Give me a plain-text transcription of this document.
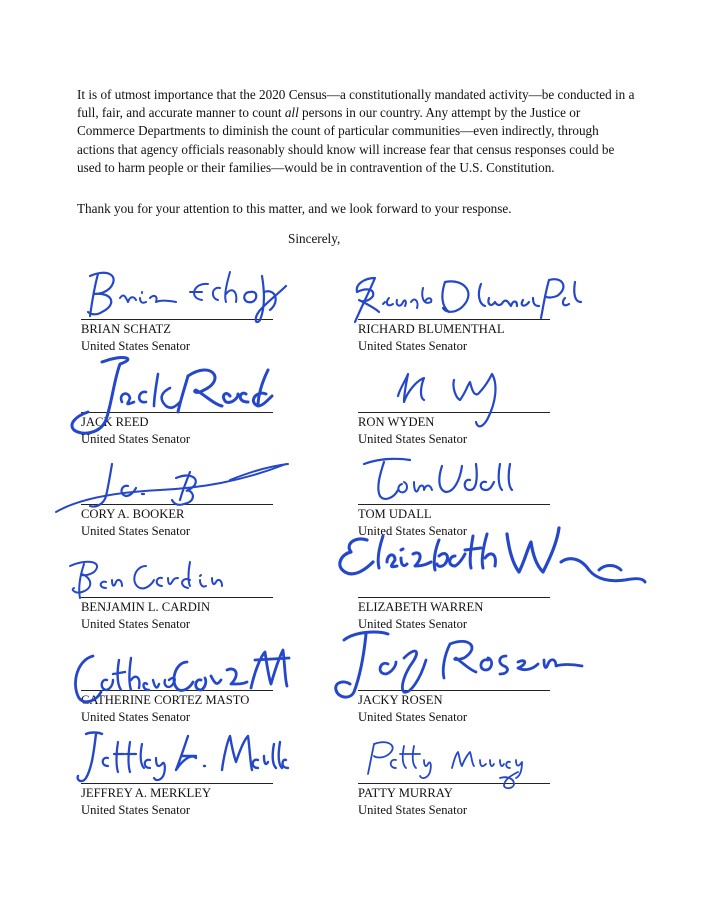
It is of utmost importance that the 2020 Census—a constitutionally mandated activity—be conducted in a full, fair, and accurate manner to count all persons in our country. Any attempt by the Justice or Commerce Departments to diminish the count of particular communities—even indirectly, through actions that agency officials reasonably should know will increase fear that census responses could be used to harm people or their families—would be in contravention of the U.S. Constitution.

Thank you for your attention to this matter, and we look forward to your response.

Sincerely,
BRIAN SCHATZ
United States Senator
RICHARD BLUMENTHAL
United States Senator
JACK REED
United States Senator
RON WYDEN
United States Senator
CORY A. BOOKER
United States Senator
TOM UDALL
United States Senator
BENJAMIN L. CARDIN
United States Senator
ELIZABETH WARREN
United States Senator
CATHERINE CORTEZ MASTO
United States Senator
JACKY ROSEN
United States Senator
JEFFREY A. MERKLEY
United States Senator
PATTY MURRAY
United States Senator
